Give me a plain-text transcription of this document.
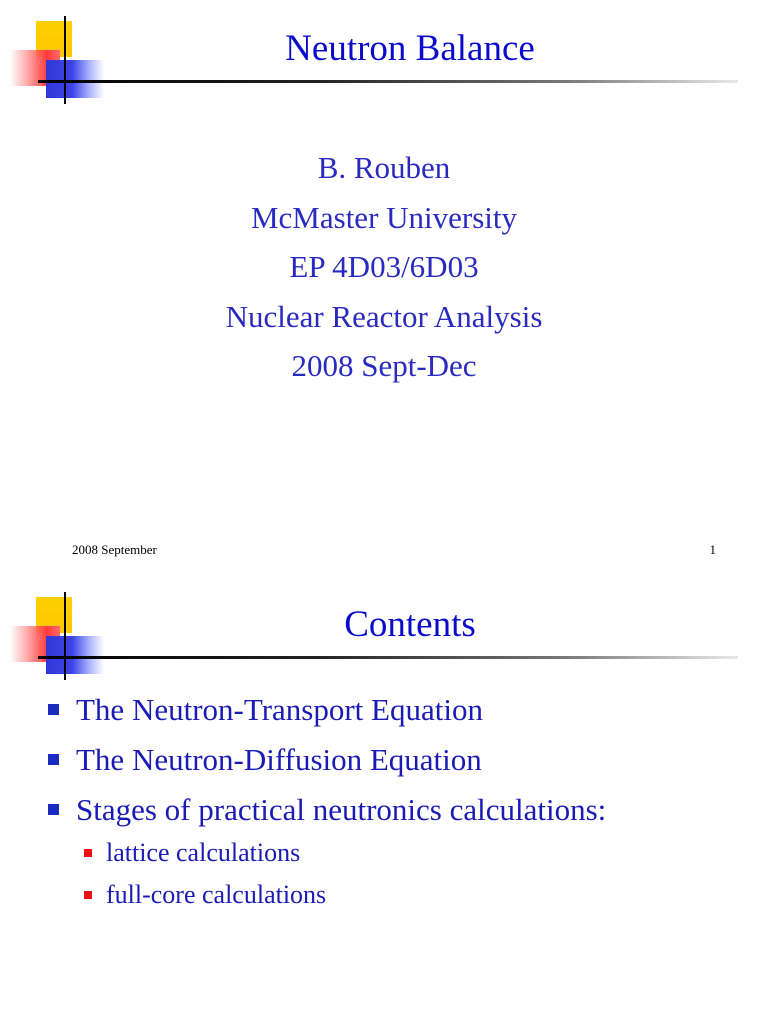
Neutron Balance
B. Rouben
McMaster University
EP 4D03/6D03
Nuclear Reactor Analysis
2008 Sept-Dec
2008 September	1
Contents
The Neutron-Transport Equation
The Neutron-Diffusion Equation
Stages of practical neutronics calculations:
lattice calculations
full-core calculations
